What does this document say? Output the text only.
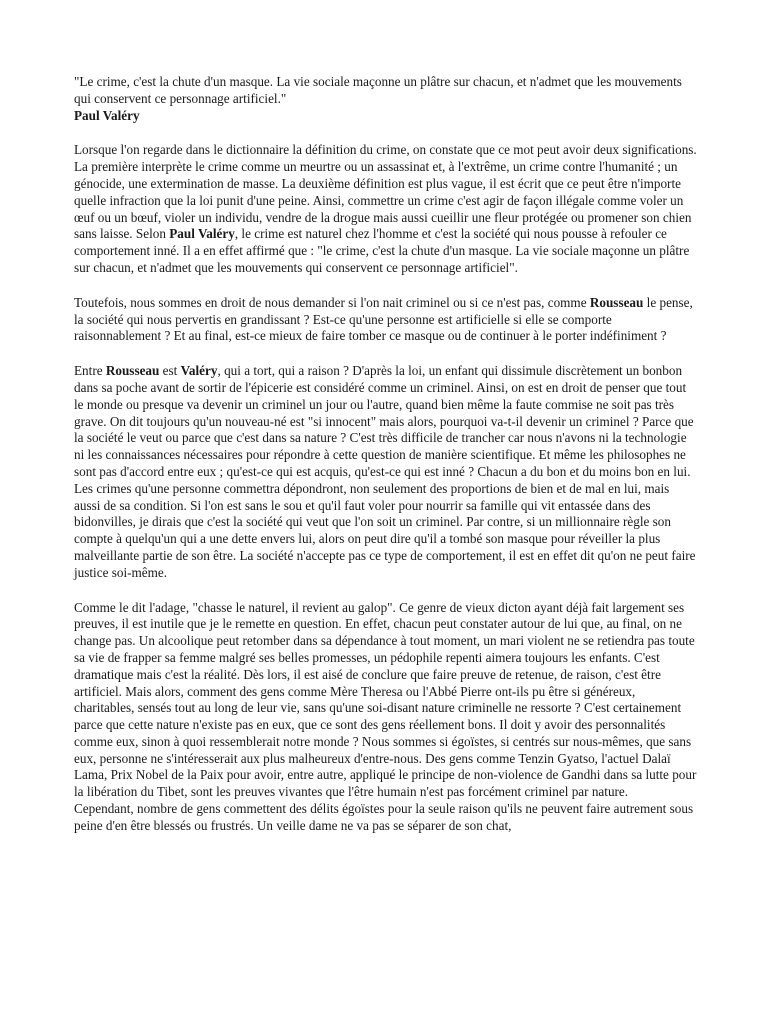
"Le crime, c'est la chute d'un masque. La vie sociale maçonne un plâtre sur chacun, et n'admet que les mouvements qui conservent ce personnage artificiel."

Paul Valéry

Lorsque l'on regarde dans le dictionnaire la définition du crime, on constate que ce mot peut avoir deux significations. La première interprète le crime comme un meurtre ou un assassinat et, à l'extrême, un crime contre l'humanité ; un génocide, une extermination de masse. La deuxième définition est plus vague, il est écrit que ce peut être n'importe quelle infraction que la loi punit d'une peine. Ainsi, commettre un crime c'est agir de façon illégale comme voler un œuf ou un bœuf, violer un individu, vendre de la drogue mais aussi cueillir une fleur protégée ou promener son chien sans laisse. Selon Paul Valéry, le crime est naturel chez l'homme et c'est la société qui nous pousse à refouler ce comportement inné. Il a en effet affirmé que : "le crime, c'est la chute d'un masque. La vie sociale maçonne un plâtre sur chacun, et n'admet que les mouvements qui conservent ce personnage artificiel".

Toutefois, nous sommes en droit de nous demander si l'on nait criminel ou si ce n'est pas, comme Rousseau le pense, la société qui nous pervertis en grandissant ? Est-ce qu'une personne est artificielle si elle se comporte raisonnablement ? Et au final, est-ce mieux de faire tomber ce masque ou de continuer à le porter indéfiniment ?

Entre Rousseau est Valéry, qui a tort, qui a raison ? D'après la loi, un enfant qui dissimule discrètement un bonbon dans sa poche avant de sortir de l'épicerie est considéré comme un criminel. Ainsi, on est en droit de penser que tout le monde ou presque va devenir un criminel un jour ou l'autre, quand bien même la faute commise ne soit pas très grave. On dit toujours qu'un nouveau-né est "si innocent" mais alors, pourquoi va-t-il devenir un criminel ? Parce que la société le veut ou parce que c'est dans sa nature ? C'est très difficile de trancher car nous n'avons ni la technologie ni les connaissances nécessaires pour répondre à cette question de manière scientifique. Et même les philosophes ne sont pas d'accord entre eux ; qu'est-ce qui est acquis, qu'est-ce qui est inné ? Chacun a du bon et du moins bon en lui. Les crimes qu'une personne commettra dépondront, non seulement des proportions de bien et de mal en lui, mais aussi de sa condition. Si l'on est sans le sou et qu'il faut voler pour nourrir sa famille qui vit entassée dans des bidonvilles, je dirais que c'est la société qui veut que l'on soit un criminel. Par contre, si un millionnaire règle son compte à quelqu'un qui a une dette envers lui, alors on peut dire qu'il a tombé son masque pour réveiller la plus malveillante partie de son être. La société n'accepte pas ce type de comportement, il est en effet dit qu'on ne peut faire justice soi-même.

Comme le dit l'adage, "chasse le naturel, il revient au galop". Ce genre de vieux dicton ayant déjà fait largement ses preuves, il est inutile que je le remette en question. En effet, chacun peut constater autour de lui que, au final, on ne change pas. Un alcoolique peut retomber dans sa dépendance à tout moment, un mari violent ne se retiendra pas toute sa vie de frapper sa femme malgré ses belles promesses, un pédophile repenti aimera toujours les enfants. C'est dramatique mais c'est la réalité. Dès lors, il est aisé de conclure que faire preuve de retenue, de raison, c'est être artificiel. Mais alors, comment des gens comme Mère Theresa ou l'Abbé Pierre ont-ils pu être si généreux, charitables, sensés tout au long de leur vie, sans qu'une soi-disant nature criminelle ne ressorte ? C'est certainement parce que cette nature n'existe pas en eux, que ce sont des gens réellement bons. Il doit y avoir des personnalités comme eux, sinon à quoi ressemblerait notre monde ? Nous sommes si égoïstes, si centrés sur nous-mêmes, que sans eux, personne ne s'intéresserait aux plus malheureux d'entre-nous. Des gens comme Tenzin Gyatso, l'actuel Dalaï Lama, Prix Nobel de la Paix pour avoir, entre autre, appliqué le principe de non-violence de Gandhi dans sa lutte pour la libération du Tibet, sont les preuves vivantes que l'être humain n'est pas forcément criminel par nature.

Cependant, nombre de gens commettent des délits égoïstes pour la seule raison qu'ils ne peuvent faire autrement sous peine d'en être blessés ou frustrés. Un veille dame ne va pas se séparer de son chat,
